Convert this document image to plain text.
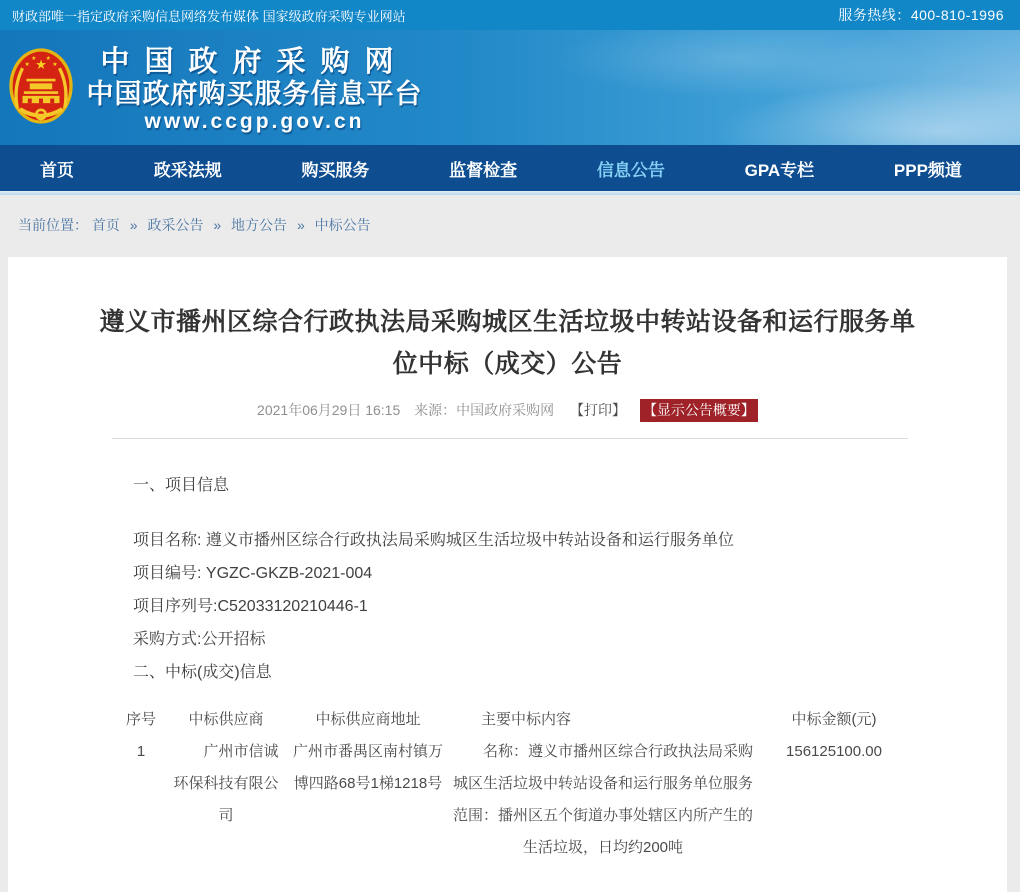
财政部唯一指定政府采购信息网络发布媒体 国家级政府采购专业网站	服务热线：400-810-1996
★
★
★ ★
★	中国政府采购网
中国政府购买服务信息平台
www.ccgp.gov.cn
首页	政采法规	购买服务	监督检查	信息公告	GPA专栏	PPP频道
当前位置： 首页 » 政采公告 » 地方公告 » 中标公告
遵义市播州区综合行政执法局采购城区生活垃圾中转站设备和运行服务单位中标（成交）公告
2021年06月29日 16:15 来源：中国政府采购网 【打印】 【显示公告概要】

一、项目信息

项目名称: 遵义市播州区综合行政执法局采购城区生活垃圾中转站设备和运行服务单位

项目编号: YGZC-GKZB-2021-004

项目序列号:C52033120210446-1

采购方式:公开招标

二、中标(成交)信息

序号	中标供应商	中标供应商地址	主要中标内容	中标金额(元)
1	广州市信诚环保科技有限公司	广州市番禺区南村镇万博四路68号1梯1218号	名称：遵义市播州区综合行政执法局采购城区生活垃圾中转站设备和运行服务单位服务范围：播州区五个街道办事处辖区内所产生的生活垃圾，日均约200吨	156125100.00
